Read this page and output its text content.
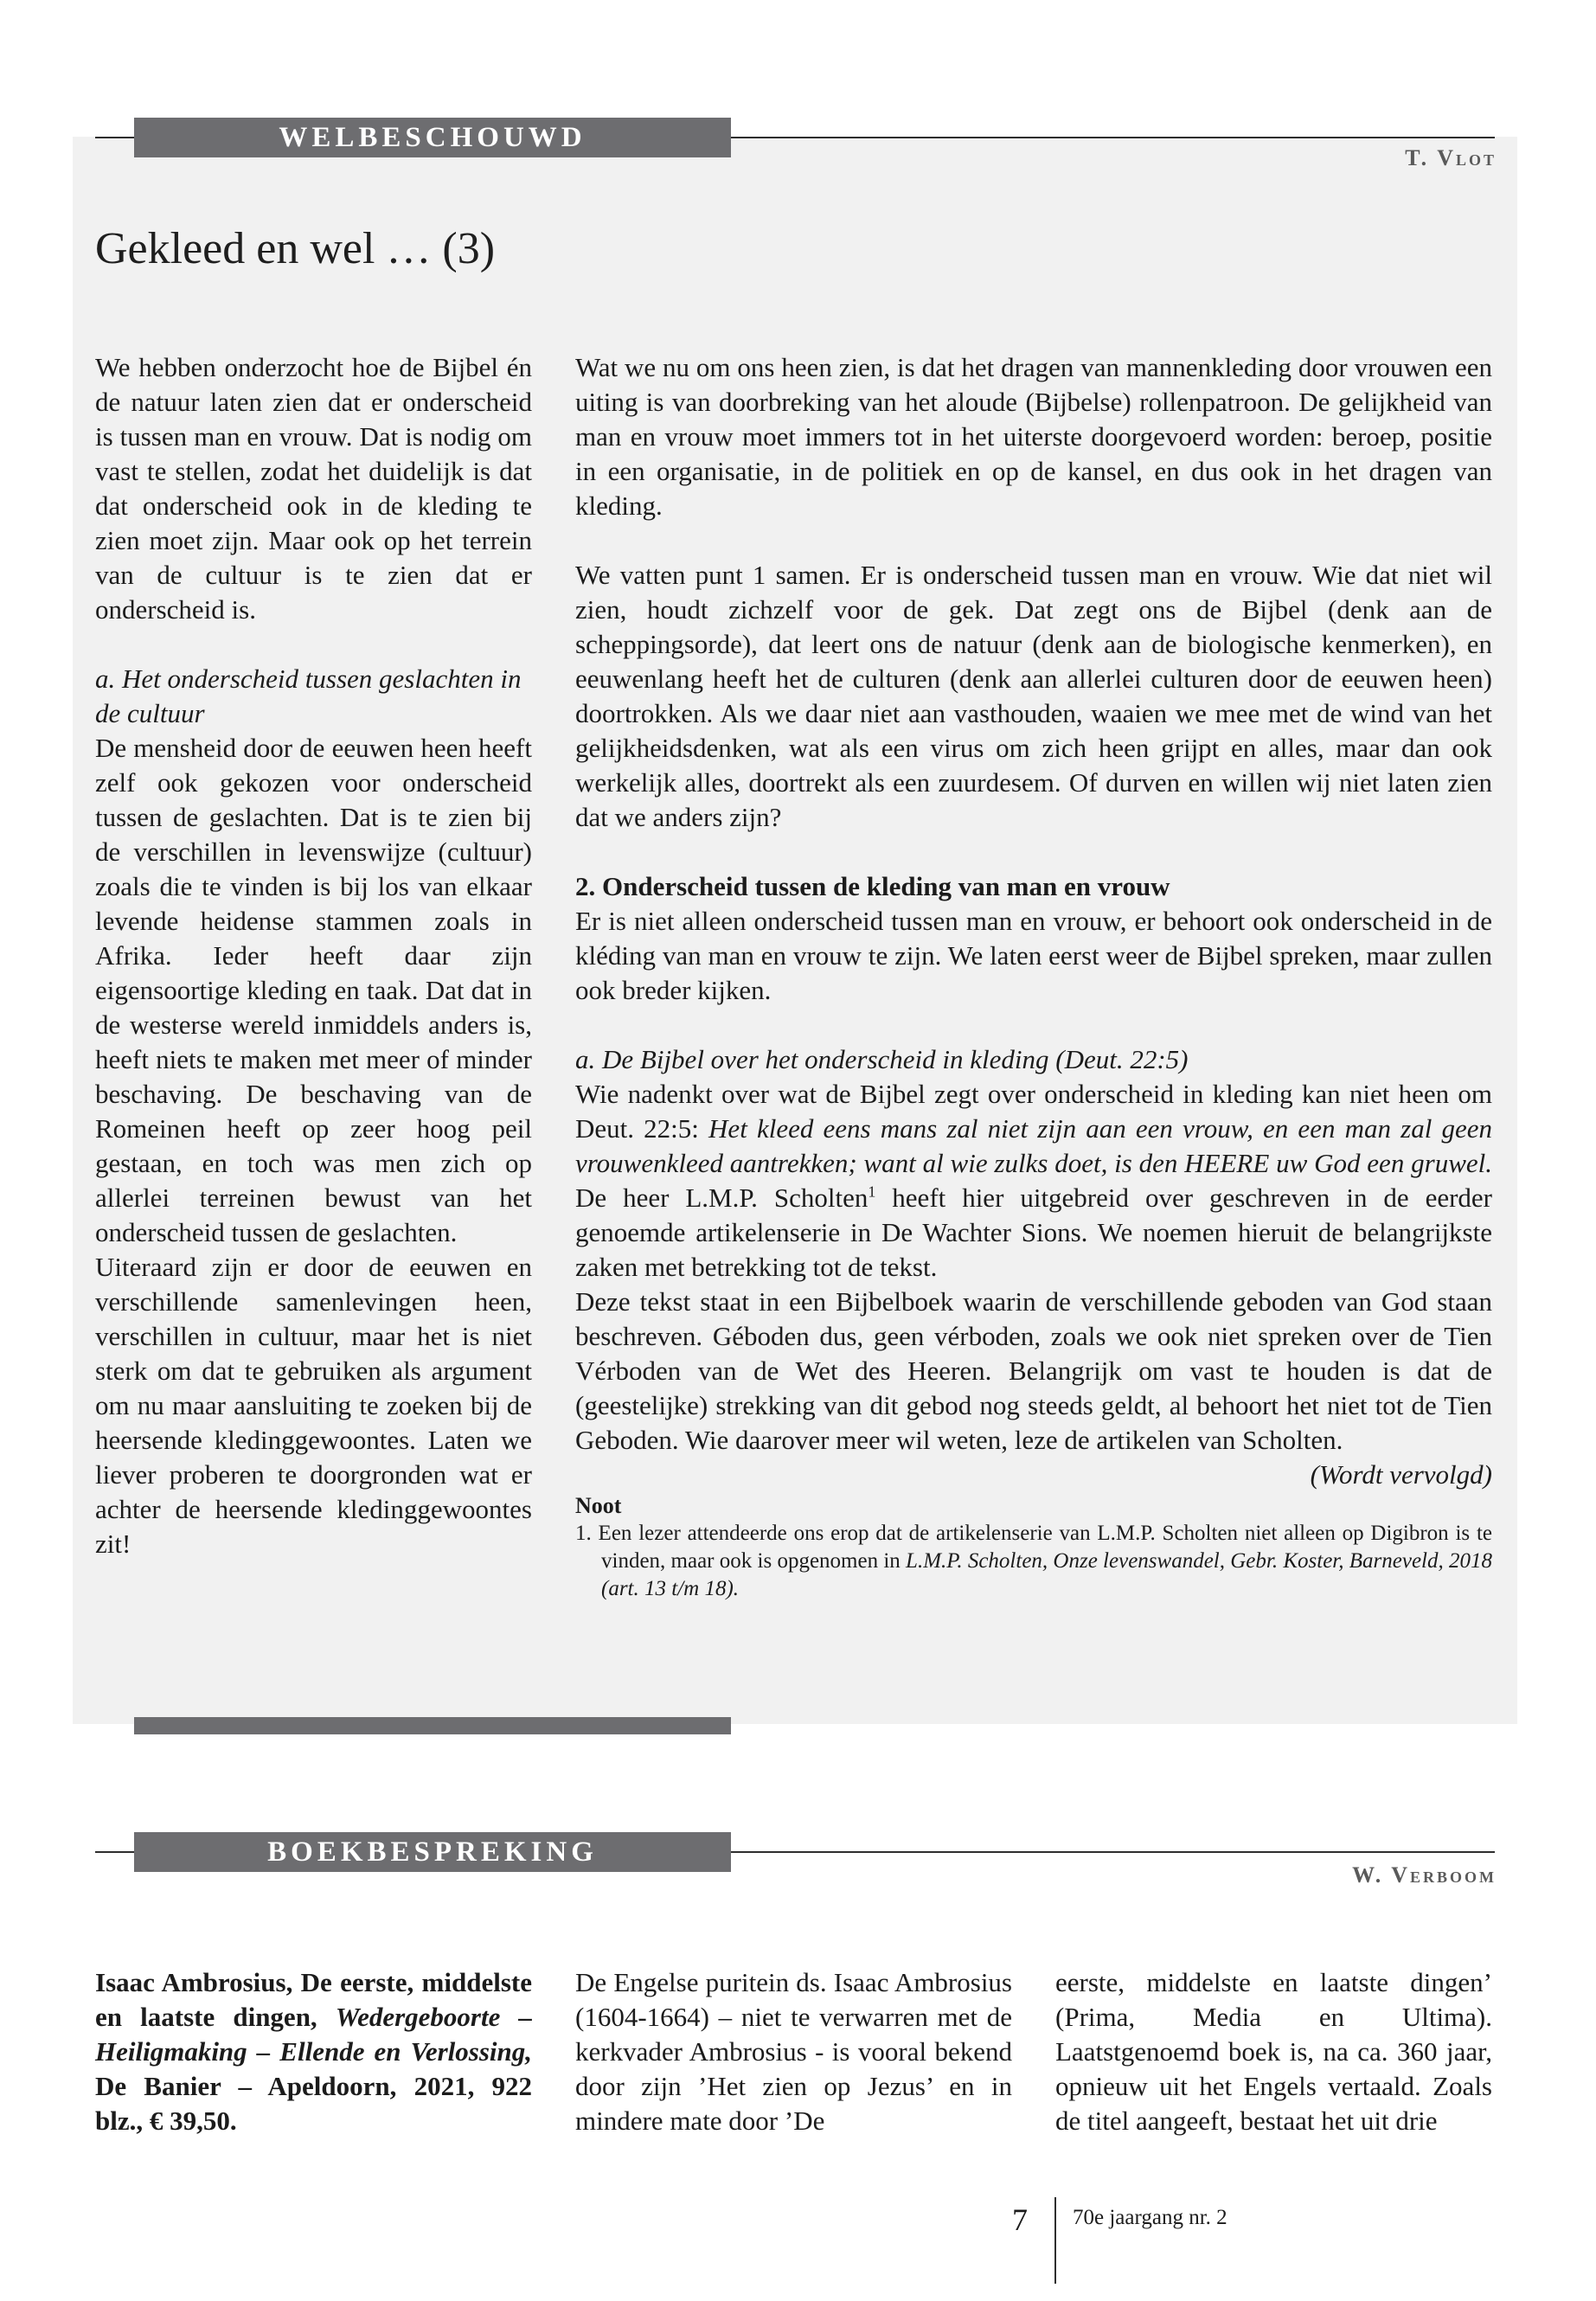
WELBESCHOUWD
T. Vlot
Gekleed en wel … (3)

We hebben onderzocht hoe de Bijbel én de natuur laten zien dat er onderscheid is tussen man en vrouw. Dat is nodig om vast te stellen, zodat het duidelijk is dat dat onderscheid ook in de kleding te zien moet zijn. Maar ook op het terrein van de cultuur is te zien dat er onderscheid is.

a. Het onderscheid tussen geslachten in de cultuur

De mensheid door de eeuwen heen heeft zelf ook gekozen voor onderscheid tussen de geslachten. Dat is te zien bij de verschillen in levenswijze (cultuur) zoals die te vinden is bij los van elkaar levende heidense stammen zoals in Afrika. Ieder heeft daar zijn eigensoortige kleding en taak. Dat dat in de westerse wereld inmiddels anders is, heeft niets te maken met meer of minder beschaving. De beschaving van de Romeinen heeft op zeer hoog peil gestaan, en toch was men zich op allerlei terreinen bewust van het onderscheid tussen de geslachten.

Uiteraard zijn er door de eeuwen en verschillende samenlevingen heen, verschillen in cultuur, maar het is niet sterk om dat te gebruiken als argument om nu maar aansluiting te zoeken bij de heersende kledinggewoontes. Laten we liever proberen te doorgronden wat er achter de heersende kledinggewoontes zit!

Wat we nu om ons heen zien, is dat het dragen van mannenkleding door vrouwen een uiting is van doorbreking van het aloude (Bijbelse) rollenpatroon. De gelijkheid van man en vrouw moet immers tot in het uiterste doorgevoerd worden: beroep, positie in een organisatie, in de politiek en op de kansel, en dus ook in het dragen van kleding.

We vatten punt 1 samen. Er is onderscheid tussen man en vrouw. Wie dat niet wil zien, houdt zichzelf voor de gek. Dat zegt ons de Bijbel (denk aan de scheppingsorde), dat leert ons de natuur (denk aan de biologische kenmerken), en eeuwenlang heeft het de culturen (denk aan allerlei culturen door de eeuwen heen) doortrokken. Als we daar niet aan vasthouden, waaien we mee met de wind van het gelijkheidsdenken, wat als een virus om zich heen grijpt en alles, maar dan ook werkelijk alles, doortrekt als een zuurdesem. Of durven en willen wij niet laten zien dat we anders zijn?

2. Onderscheid tussen de kleding van man en vrouw

Er is niet alleen onderscheid tussen man en vrouw, er behoort ook onderscheid in de kléding van man en vrouw te zijn. We laten eerst weer de Bijbel spreken, maar zullen ook breder kijken.

a. De Bijbel over het onderscheid in kleding (Deut. 22:5)

Wie nadenkt over wat de Bijbel zegt over onderscheid in kleding kan niet heen om Deut. 22:5: Het kleed eens mans zal niet zijn aan een vrouw, en een man zal geen vrouwenkleed aantrekken; want al wie zulks doet, is den HEERE uw God een gruwel. De heer L.M.P. Scholten$^1$ heeft hier uitgebreid over geschreven in de eerder genoemde artikelenserie in De Wachter Sions. We noemen hieruit de belangrijkste zaken met betrekking tot de tekst.

Deze tekst staat in een Bijbelboek waarin de verschillende geboden van God staan beschreven. Géboden dus, geen vérboden, zoals we ook niet spreken over de Tien Vérboden van de Wet des Heeren. Belangrijk om vast te houden is dat de (geestelijke) strekking van dit gebod nog steeds geldt, al behoort het niet tot de Tien Geboden. Wie daarover meer wil weten, leze de artikelen van Scholten.

(Wordt vervolgd)

Noot

1. Een lezer attendeerde ons erop dat de artikelenserie van L.M.P. Scholten niet alleen op Digibron is te vinden, maar ook is opgenomen in L.M.P. Scholten, Onze levenswandel, Gebr. Koster, Barneveld, 2018 (art. 13 t/m 18).

BOEKBESPREKING
W. Verboom
Isaac Ambrosius, De eerste, middelste en laatste dingen, Wedergeboorte – Heiligmaking – Ellende en Verlossing, De Banier – Apeldoorn, 2021, 922 blz., € 39,50.
De Engelse puritein ds. Isaac Ambrosius (1604-1664) – niet te verwarren met de kerkvader Ambrosius - is vooral bekend door zijn ’Het zien op Jezus’ en in mindere mate door ’De
eerste, middelste en laatste dingen’ (Prima, Media en Ultima). Laatstgenoemd boek is, na ca. 360 jaar, opnieuw uit het Engels vertaald. Zoals de titel aangeeft, bestaat het uit drie
7 70e jaargang nr. 2
